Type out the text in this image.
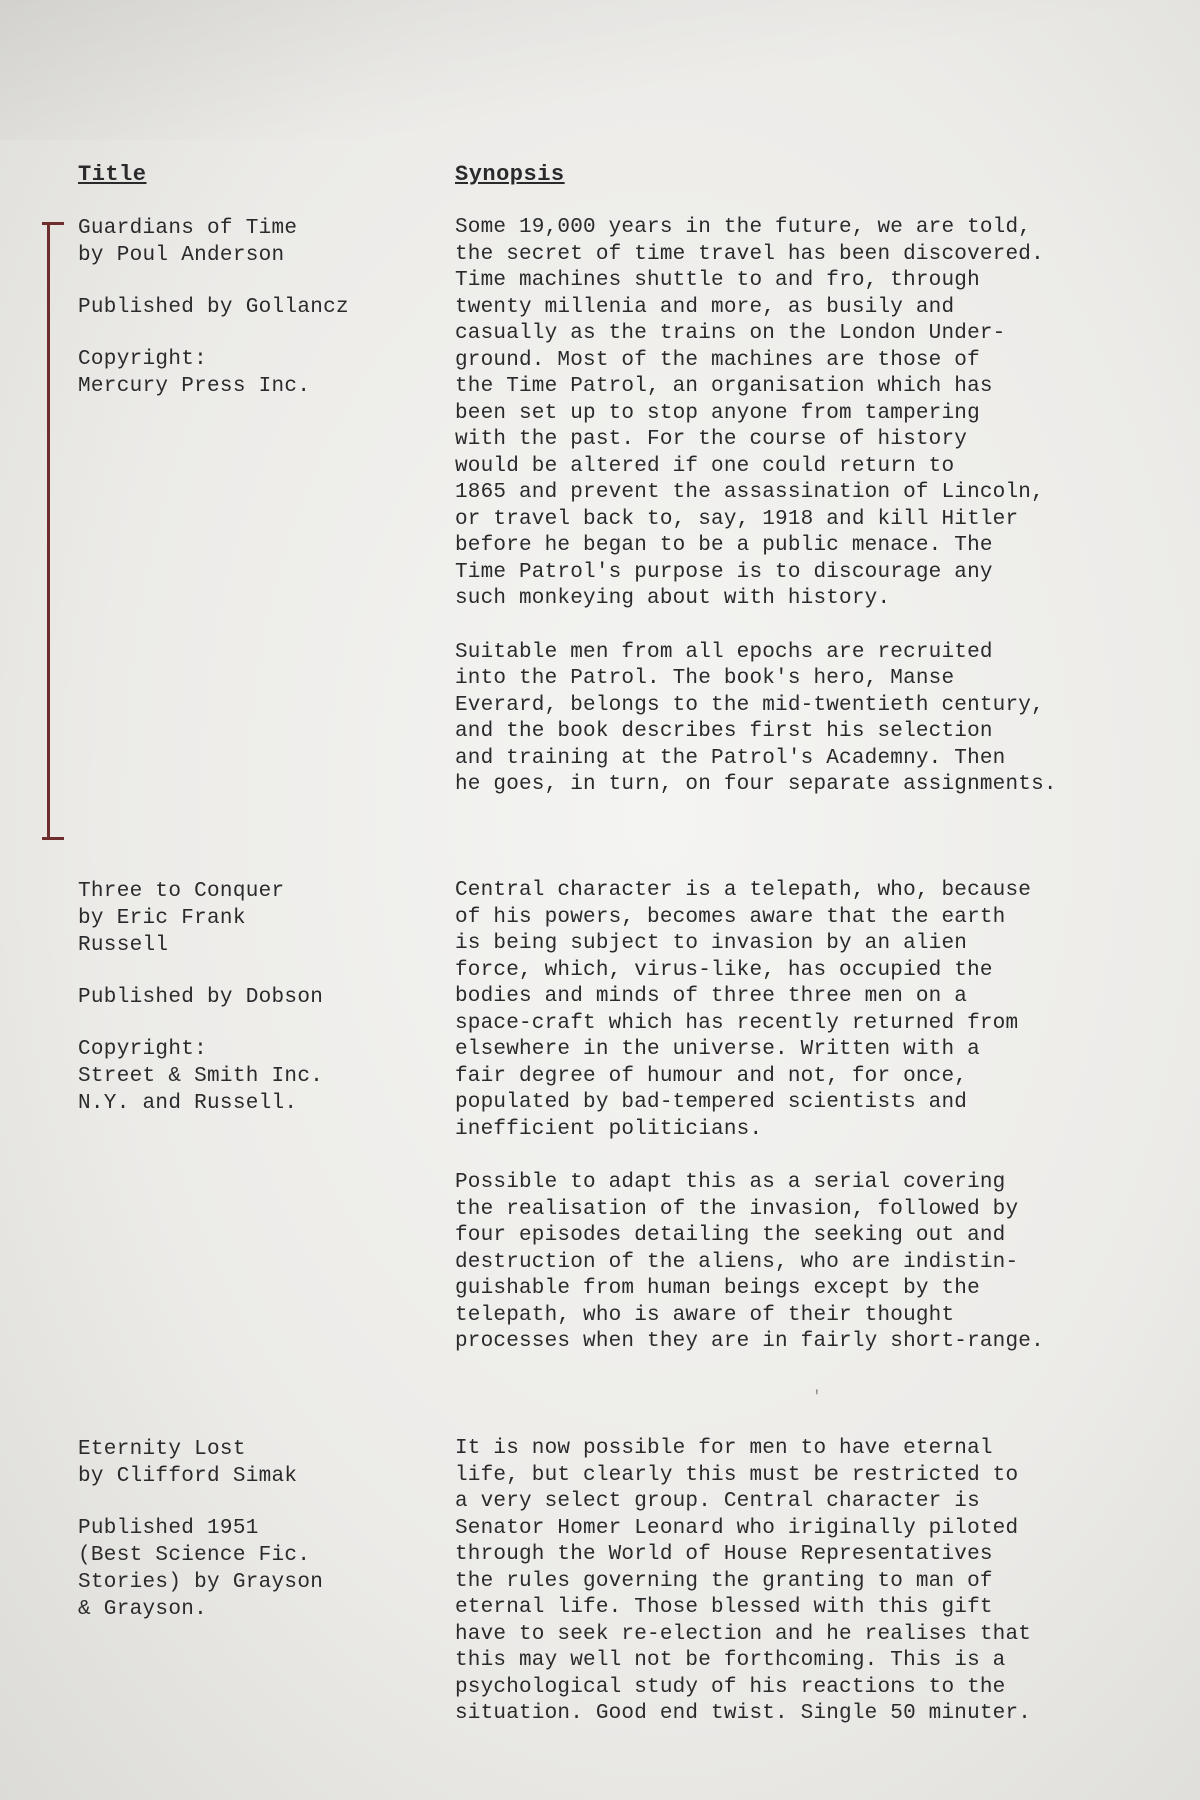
Title	Synopsis

Guardians of Time
by Poul Anderson

Published by Gollancz

Copyright:
Mercury Press Inc.

Some 19,000 years in the future, we are told,
the secret of time travel has been discovered.
Time machines shuttle to and fro, through
twenty millenia and more, as busily and
casually as the trains on the London Under-
ground. Most of the machines are those of
the Time Patrol, an organisation which has
been set up to stop anyone from tampering
with the past. For the course of history
would be altered if one could return to
1865 and prevent the assassination of Lincoln,
or travel back to, say, 1918 and kill Hitler
before he began to be a public menace. The
Time Patrol's purpose is to discourage any
such monkeying about with history.

Suitable men from all epochs are recruited
into the Patrol. The book's hero, Manse
Everard, belongs to the mid-twentieth century,
and the book describes first his selection
and training at the Patrol's Academny. Then
he goes, in turn, on four separate assignments.

Three to Conquer
by Eric Frank
Russell

Published by Dobson

Copyright:
Street & Smith Inc.
N.Y. and Russell.

Central character is a telepath, who, because
of his powers, becomes aware that the earth
is being subject to invasion by an alien
force, which, virus-like, has occupied the
bodies and minds of three three men on a
space-craft which has recently returned from
elsewhere in the universe. Written with a
fair degree of humour and not, for once,
populated by bad-tempered scientists and
inefficient politicians.

Possible to adapt this as a serial covering
the realisation of the invasion, followed by
four episodes detailing the seeking out and
destruction of the aliens, who are indistin-
guishable from human beings except by the
telepath, who is aware of their thought
processes when they are in fairly short-range.

'

Eternity Lost
by Clifford Simak

Published 1951
(Best Science Fic.
Stories) by Grayson
& Grayson.

It is now possible for men to have eternal
life, but clearly this must be restricted to
a very select group. Central character is
Senator Homer Leonard who iriginally piloted
through the World of House Representatives
the rules governing the granting to man of
eternal life. Those blessed with this gift
have to seek re-election and he realises that
this may well not be forthcoming. This is a
psychological study of his reactions to the
situation. Good end twist. Single 50 minuter.
